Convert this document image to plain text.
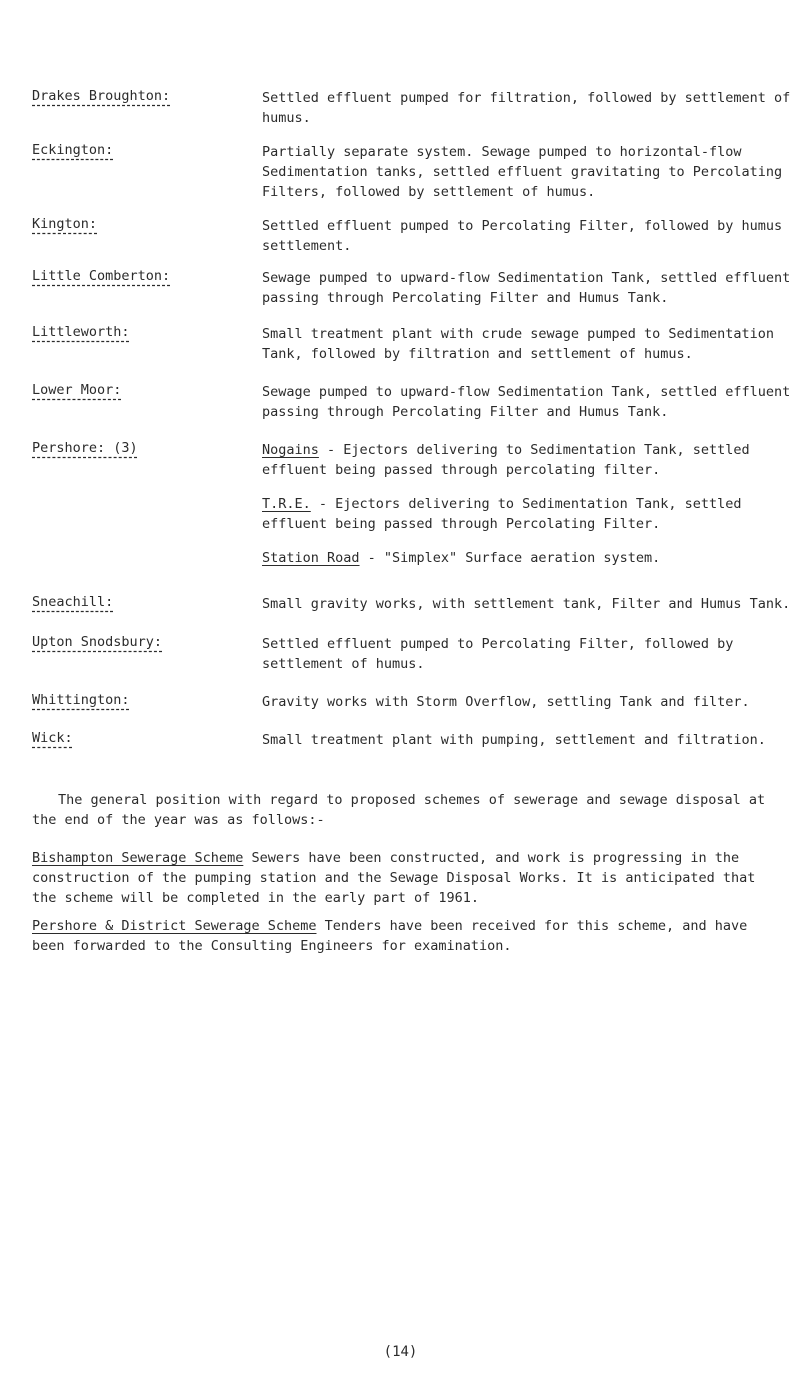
Drakes Broughton:	Settled effluent pumped for filtration, followed by settlement of humus.
Eckington:	Partially separate system. Sewage pumped to horizontal-flow Sedimentation tanks, settled effluent gravitating to Percolating Filters, followed by settlement of humus.
Kington:	Settled effluent pumped to Percolating Filter, followed by humus settlement.
Little Comberton:	Sewage pumped to upward-flow Sedimentation Tank, settled effluent passing through Percolating Filter and Humus Tank.
Littleworth:	Small treatment plant with crude sewage pumped to Sedimentation Tank, followed by filtration and settlement of humus.
Lower Moor:	Sewage pumped to upward-flow Sedimentation Tank, settled effluent passing through Percolating Filter and Humus Tank.
Pershore: (3)	Nogains - Ejectors delivering to Sedimentation Tank, settled effluent being passed through percolating filter.

T.R.E. - Ejectors delivering to Sedimentation Tank, settled effluent being passed through Percolating Filter.

Station Road - "Simplex" Surface aeration system.

Sneachill:	Small gravity works, with settlement tank, Filter and Humus Tank.
Upton Snodsbury:	Settled effluent pumped to Percolating Filter, followed by settlement of humus.
Whittington:	Gravity works with Storm Overflow, settling Tank and filter.
Wick:	Small treatment plant with pumping, settlement and filtration.

The general position with regard to proposed schemes of sewerage and sewage disposal at the end of the year was as follows:-

Bishampton Sewerage Scheme Sewers have been constructed, and work is progressing in the construction of the pumping station and the Sewage Disposal Works. It is anticipated that the scheme will be completed in the early part of 1961.

Pershore & District Sewerage Scheme Tenders have been received for this scheme, and have been forwarded to the Consulting Engineers for examination.

(14)
